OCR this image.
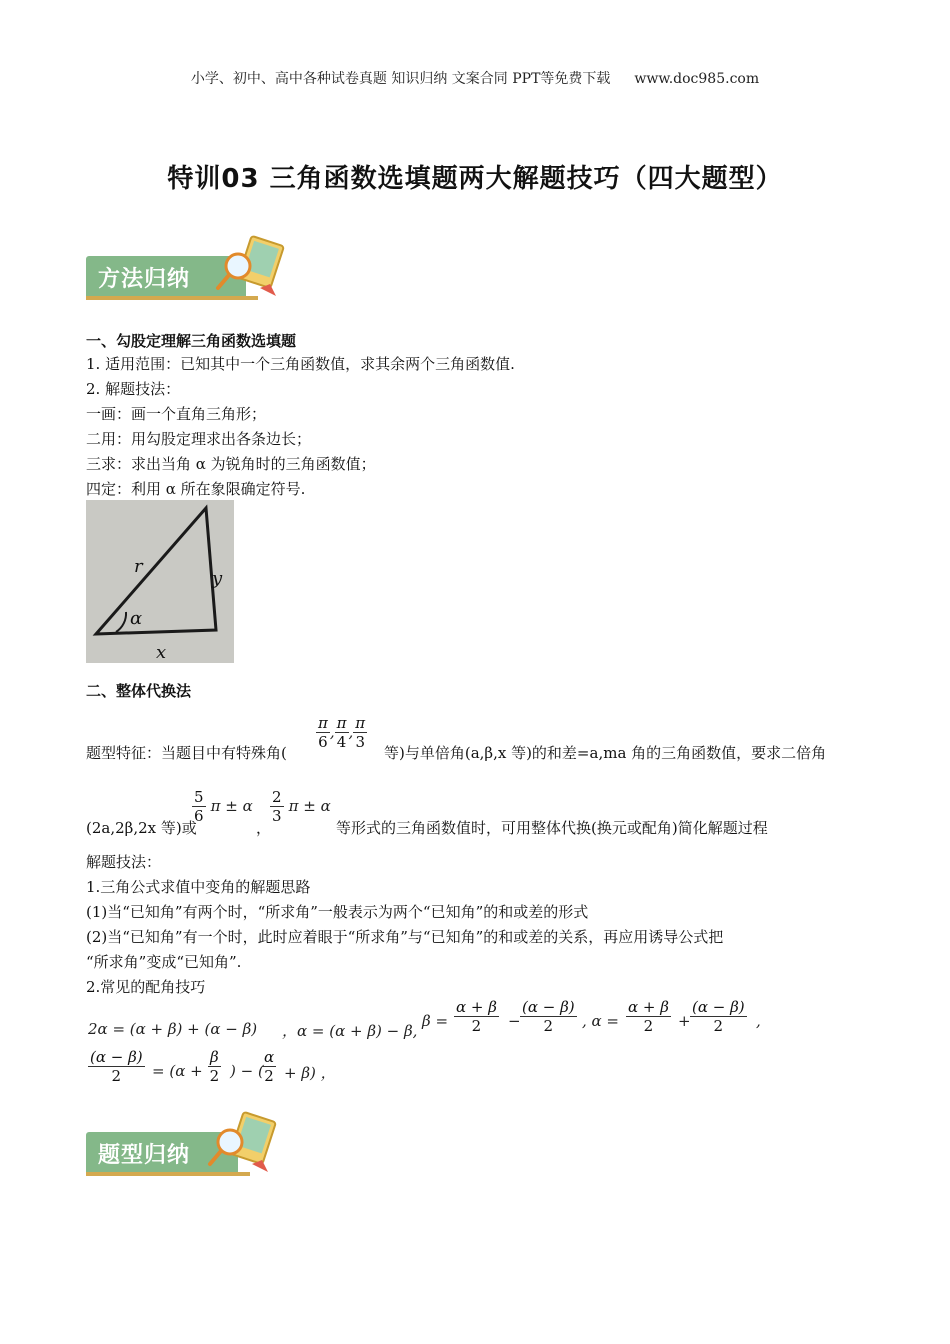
小学、初中、高中各种试卷真题 知识归纳 文案合同 PPT等免费下载 www.doc985.com
特训03 三角函数选填题两大解题技巧（四大题型）
方法归纳
一、勾股定理解三角函数选填题
1. 适用范围：已知其中一个三角函数值，求其余两个三角函数值.
2. 解题技法：
一画：画一个直角三角形；
二用：用勾股定理求出各条边长；
三求：求出当角 α 为锐角时的三角函数值；
四定：利用 α 所在象限确定符号.
r
y
x
α
二、整体代换法
题型特征：当题目中有特殊角(
$\frac{\pi}{6}$ , $\frac{\pi}{4}$ , $\frac{\pi}{3}$
等)与单倍角(a,β,x 等)的和差=a,ma 角的三角函数值，要求二倍角
(2a,2β,2x 等)或
$\frac{5}{6}$ π ± α
，
$\frac{2}{3}$ π ± α
等形式的三角函数值时，可用整体代换(换元或配角)简化解题过程
解题技法：
1.三角公式求值中变角的解题思路
(1)当“已知角”有两个时，“所求角”一般表示为两个“已知角”的和或差的形式
(2)当“已知角”有一个时，此时应着眼于“所求角”与“已知角”的和或差的关系，再应用诱导公式把
“所求角”变成“已知角”.
2.常见的配角技巧
2α = (α + β) + (α − β) ，α = (α + β) − β,
$\beta = \frac{\alpha + \beta}{2} - \frac{(\alpha - \beta)}{2}$ , $\alpha = \frac{\alpha + \beta}{2} + \frac{(\alpha - \beta)}{2}$ ,
$\frac{(\alpha - \beta)}{2} = (\alpha + \frac{\beta}{2}$ ) − (
$\frac{\alpha}{2} + \beta$) ，
题型归纳
